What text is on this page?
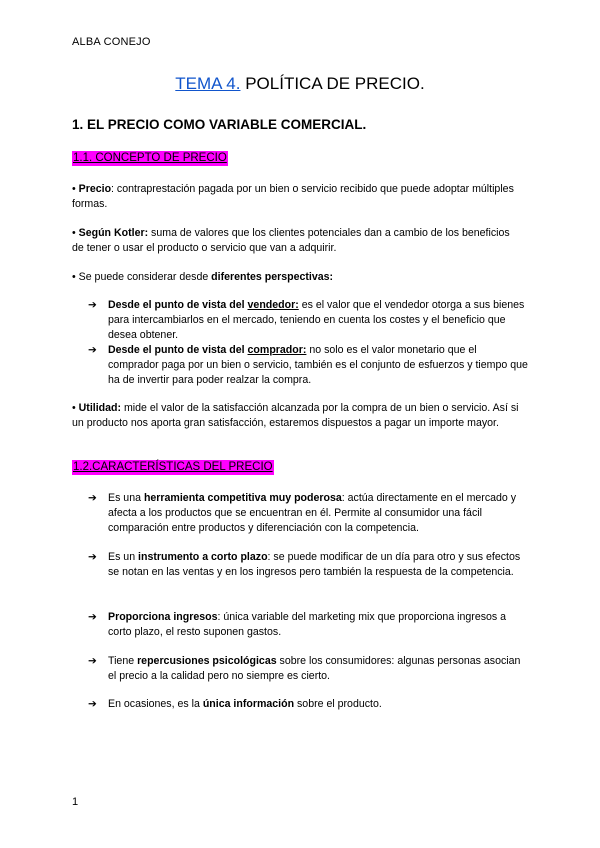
ALBA CONEJO
TEMA 4. POLÍTICA DE PRECIO.
1. EL PRECIO COMO VARIABLE COMERCIAL.
1.1. CONCEPTO DE PRECIO
• Precio: contraprestación pagada por un bien o servicio recibido que puede adoptar múltiples formas.
• Según Kotler: suma de valores que los clientes potenciales dan a cambio de los beneficios de tener o usar el producto o servicio que van a adquirir.
• Se puede considerar desde diferentes perspectivas:
➔ Desde el punto de vista del vendedor: es el valor que el vendedor otorga a sus bienes para intercambiarlos en el mercado, teniendo en cuenta los costes y el beneficio que desea obtener.
➔ Desde el punto de vista del comprador: no solo es el valor monetario que el comprador paga por un bien o servicio, también es el conjunto de esfuerzos y tiempo que ha de invertir para poder realzar la compra.
• Utilidad: mide el valor de la satisfacción alcanzada por la compra de un bien o servicio. Así si un producto nos aporta gran satisfacción, estaremos dispuestos a pagar un importe mayor.
1.2.CARACTERÍSTICAS DEL PRECIO
➔ Es una herramienta competitiva muy poderosa: actúa directamente en el mercado y afecta a los productos que se encuentran en él. Permite al consumidor una fácil comparación entre productos y diferenciación con la competencia.
➔ Es un instrumento a corto plazo: se puede modificar de un día para otro y sus efectos se notan en las ventas y en los ingresos pero también la respuesta de la competencia.
➔ Proporciona ingresos: única variable del marketing mix que proporciona ingresos a corto plazo, el resto suponen gastos.
➔ Tiene repercusiones psicológicas sobre los consumidores: algunas personas asocian el precio a la calidad pero no siempre es cierto.
➔ En ocasiones, es la única información sobre el producto.
1
